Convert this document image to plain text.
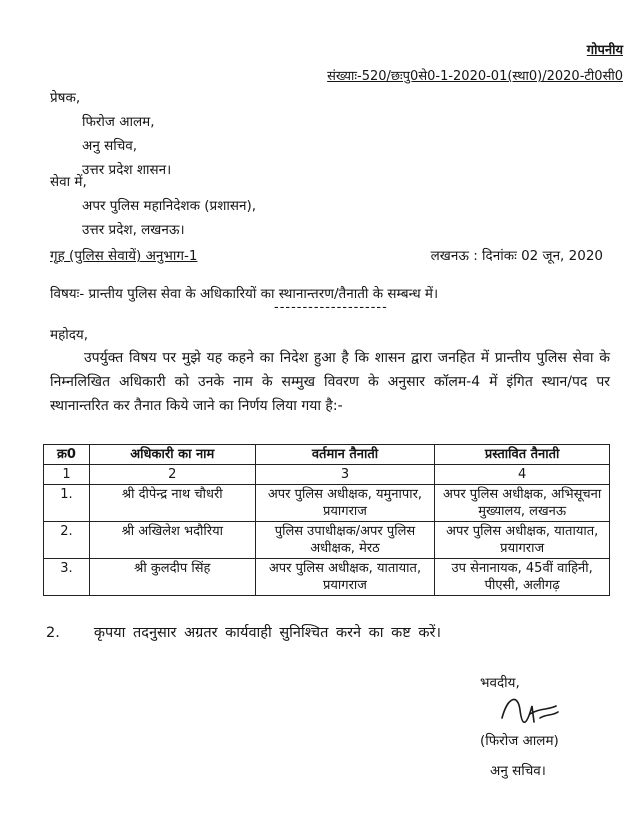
गोपनीय
संख्याः-520/छःपु0से0-1-2020-01(स्था0)/2020-टी0सी0
प्रेषक,
फिरोज आलम,
अनु सचिव,
उत्तर प्रदेश शासन।
सेवा में,
अपर पुलिस महानिदेशक (प्रशासन),
उत्तर प्रदेश, लखनऊ।
गृह (पुलिस सेवायें) अनुभाग-1	लखनऊ : दिनांकः 02 जून, 2020
विषयः- प्रान्तीय पुलिस सेवा के अधिकारियों का स्थानान्तरण/तैनाती के सम्बन्ध में।
--------------------
महोदय,
उपर्युक्त विषय पर मुझे यह कहने का निदेश हुआ है कि शासन द्वारा जनहित में प्रान्तीय पुलिस सेवा के निम्नलिखित अधिकारी को उनके नाम के सम्मुख विवरण के अनुसार कॉलम-4 में इंगित स्थान/पद पर स्थानान्तरित कर तैनात किये जाने का निर्णय लिया गया है:-
क्र0	अधिकारी का नाम	वर्तमान तैनाती	प्रस्तावित तैनाती
1	2	3	4
1.	श्री दीपेन्द्र नाथ चौधरी	अपर पुलिस अधीक्षक, यमुनापार, प्रयागराज	अपर पुलिस अधीक्षक, अभिसूचना मुख्यालय, लखनऊ
2.	श्री अखिलेश भदौरिया	पुलिस उपाधीक्षक/अपर पुलिस अधीक्षक, मेरठ	अपर पुलिस अधीक्षक, यातायात, प्रयागराज
3.	श्री कुलदीप सिंह	अपर पुलिस अधीक्षक, यातायात, प्रयागराज	उप सेनानायक, 45वीं वाहिनी, पीएसी, अलीगढ़
2. कृपया तदनुसार अग्रतर कार्यवाही सुनिश्चित करने का कष्ट करें।
भवदीय,
(फिरोज आलम)
अनु सचिव।
